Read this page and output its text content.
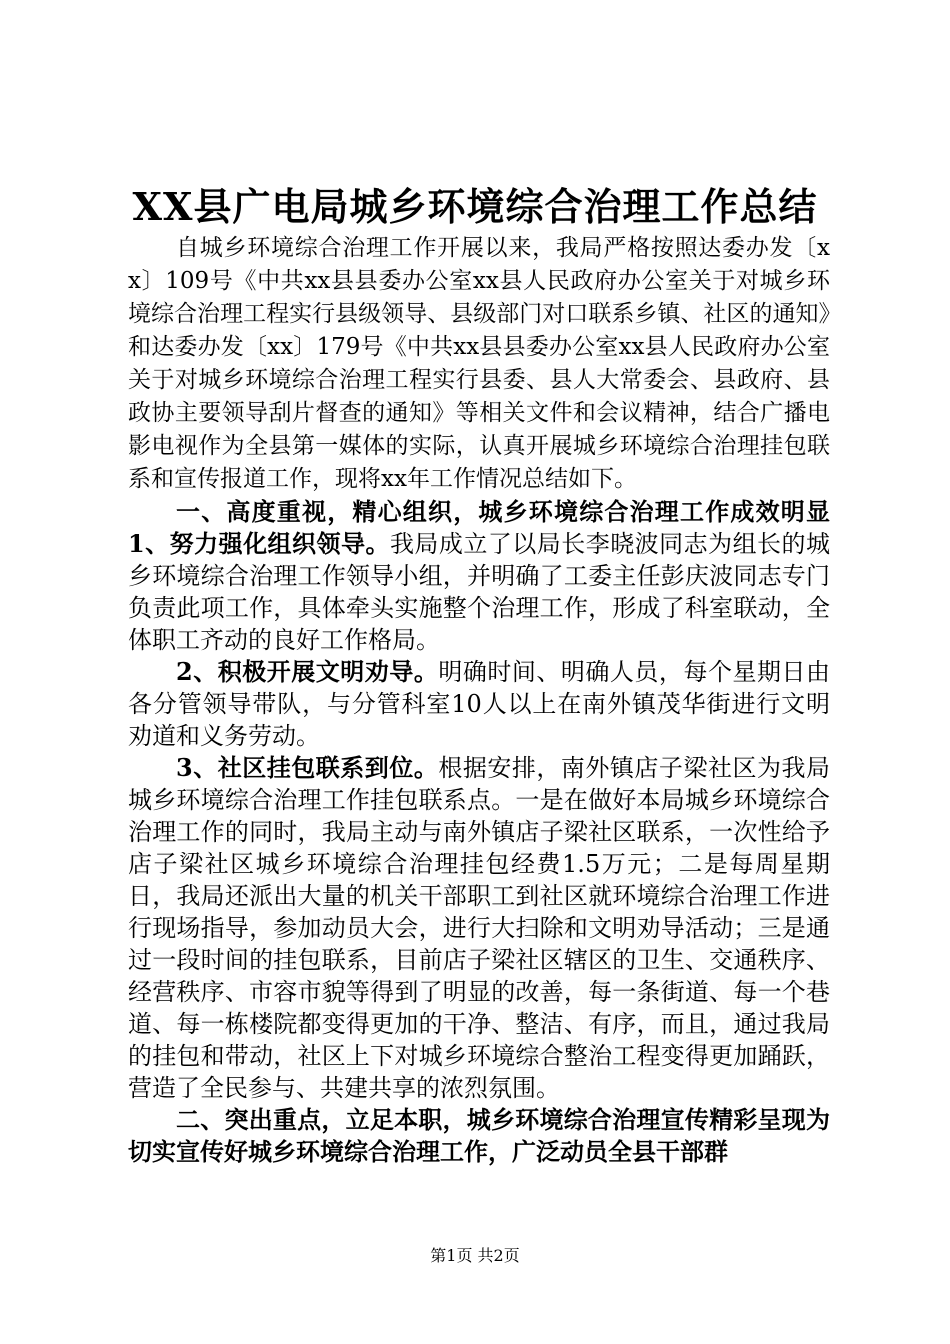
XX县广电局城乡环境综合治理工作总结

自城乡环境综合治理工作开展以来，我局严格按照达委办发〔xx〕109号《中共xx县县委办公室xx县人民政府办公室关于对城乡环境综合治理工程实行县级领导、县级部门对口联系乡镇、社区的通知》和达委办发〔xx〕179号《中共xx县县委办公室xx县人民政府办公室关于对城乡环境综合治理工程实行县委、县人大常委会、县政府、县政协主要领导刮片督查的通知》等相关文件和会议精神，结合广播电影电视作为全县第一媒体的实际，认真开展城乡环境综合治理挂包联系和宣传报道工作，现将xx年工作情况总结如下。

一、高度重视，精心组织，城乡环境综合治理工作成效明显1、努力强化组织领导。我局成立了以局长李晓波同志为组长的城乡环境综合治理工作领导小组，并明确了工委主任彭庆波同志专门负责此项工作，具体牵头实施整个治理工作，形成了科室联动，全体职工齐动的良好工作格局。

2、积极开展文明劝导。明确时间、明确人员，每个星期日由各分管领导带队，与分管科室10人以上在南外镇茂华街进行文明劝道和义务劳动。

3、社区挂包联系到位。根据安排，南外镇店子梁社区为我局城乡环境综合治理工作挂包联系点。一是在做好本局城乡环境综合治理工作的同时，我局主动与南外镇店子梁社区联系，一次性给予店子梁社区城乡环境综合治理挂包经费1.5万元；二是每周星期日，我局还派出大量的机关干部职工到社区就环境综合治理工作进行现场指导，参加动员大会，进行大扫除和文明劝导活动；三是通过一段时间的挂包联系，目前店子梁社区辖区的卫生、交通秩序、经营秩序、市容市貌等得到了明显的改善，每一条街道、每一个巷道、每一栋楼院都变得更加的干净、整洁、有序，而且，通过我局的挂包和带动，社区上下对城乡环境综合整治工程变得更加踊跃，营造了全民参与、共建共享的浓烈氛围。

二、突出重点，立足本职，城乡环境综合治理宣传精彩呈现为切实宣传好城乡环境综合治理工作，广泛动员全县干部群

第1页 共2页
